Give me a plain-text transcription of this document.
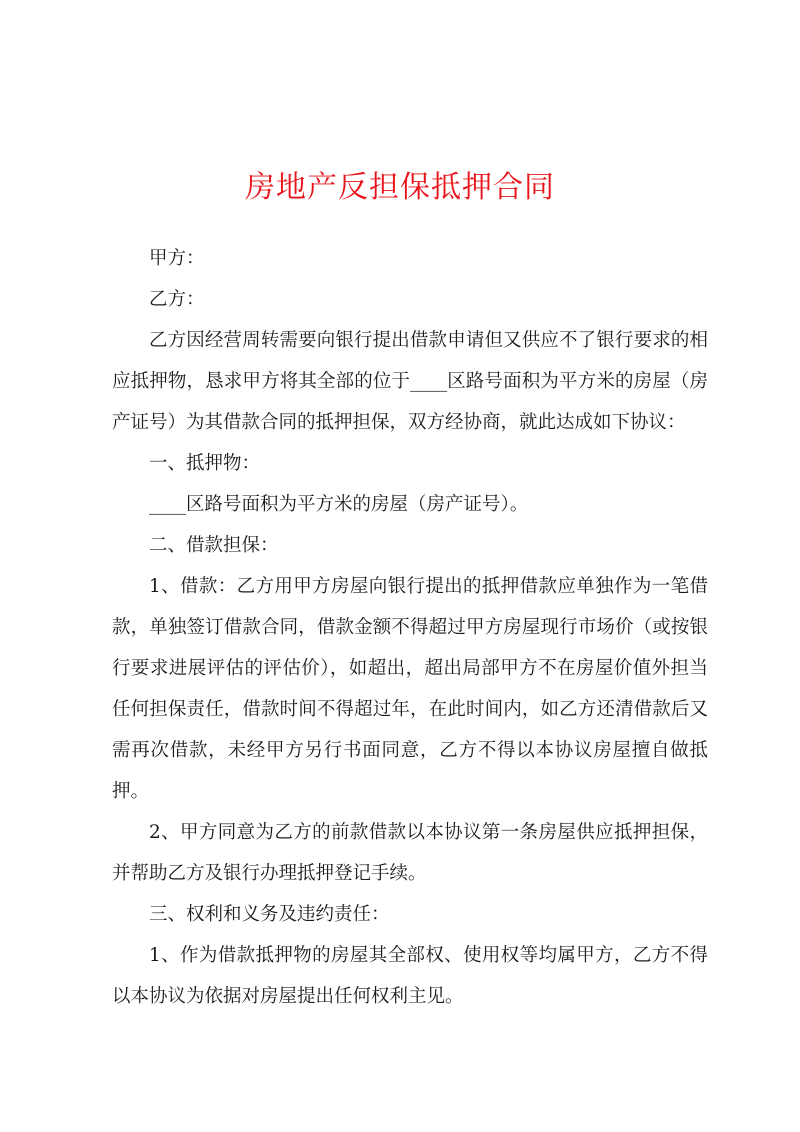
房地产反担保抵押合同

甲方：

乙方：

乙方因经营周转需要向银行提出借款申请但又供应不了银行要求的相应抵押物，恳求甲方将其全部的位于____区路号面积为平方米的房屋（房产证号）为其借款合同的抵押担保，双方经协商，就此达成如下协议：

一、抵押物：

____区路号面积为平方米的房屋（房产证号）。

二、借款担保：

1、借款：乙方用甲方房屋向银行提出的抵押借款应单独作为一笔借款，单独签订借款合同，借款金额不得超过甲方房屋现行市场价（或按银行要求进展评估的评估价），如超出，超出局部甲方不在房屋价值外担当任何担保责任，借款时间不得超过年，在此时间内，如乙方还清借款后又需再次借款，未经甲方另行书面同意，乙方不得以本协议房屋擅自做抵押。

2、甲方同意为乙方的前款借款以本协议第一条房屋供应抵押担保，并帮助乙方及银行办理抵押登记手续。

三、权利和义务及违约责任：

1、作为借款抵押物的房屋其全部权、使用权等均属甲方，乙方不得以本协议为依据对房屋提出任何权利主见。
